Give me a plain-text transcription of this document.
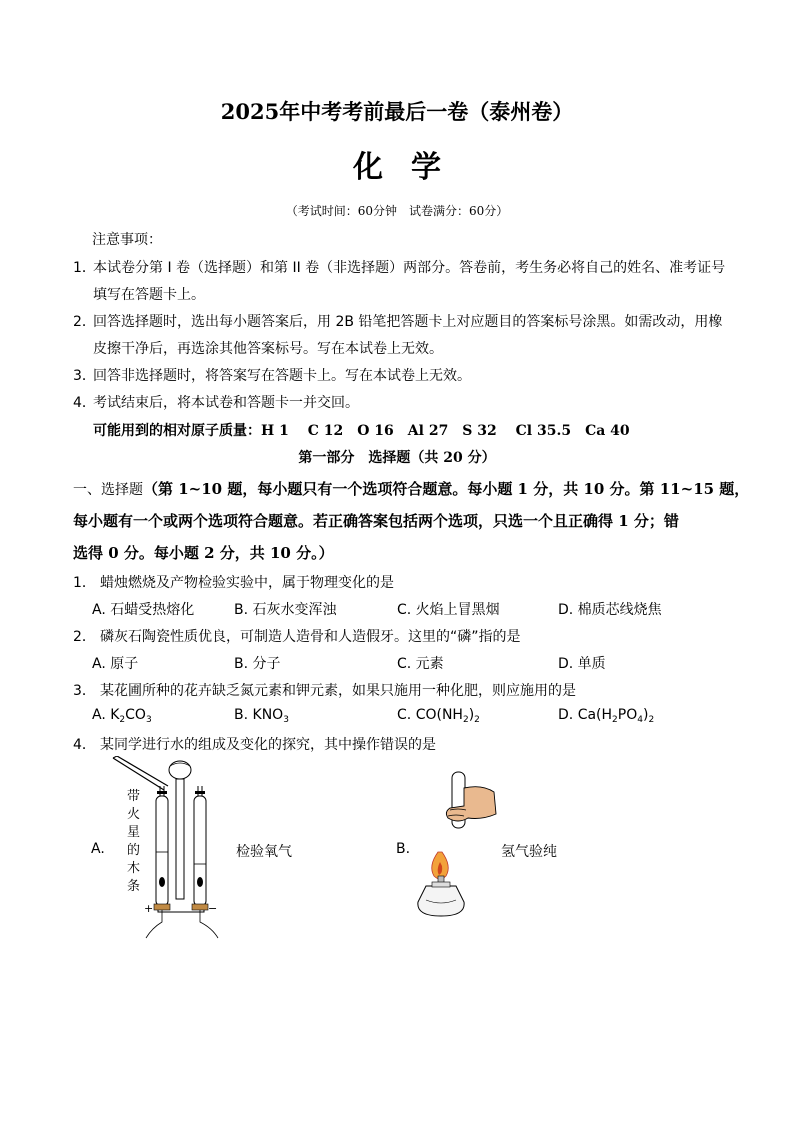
2025年中考考前最后一卷（泰州卷）
化学
（考试时间：60分钟　试卷满分：60分）
注意事项：
1．
本试卷分第 I 卷（选择题）和第 II 卷（非选择题）两部分。答卷前，考生务必将自己的姓名、准考证号
填写在答题卡上。
2．
回答选择题时，选出每小题答案后，用 2B 铅笔把答题卡上对应题目的答案标号涂黑。如需改动，用橡
皮擦干净后，再选涂其他答案标号。写在本试卷上无效。
3．
回答非选择题时，将答案写在答题卡上。写在本试卷上无效。
4．
考试结束后，将本试卷和答题卡一并交回。
可能用到的相对原子质量：H 1　 C 12　O 16　Al 27　S 32　 Cl 35.5　Ca 40
第一部分　选择题（共 20 分）
一、选择题（第 1~10 题，每小题只有一个选项符合题意。每小题 1 分，共 10 分。第 11~15 题，
每小题有一个或两个选项符合题意。若正确答案包括两个选项，只选一个且正确得 1 分；错
选得 0 分。每小题 2 分，共 10 分。）
1． 蜡烛燃烧及产物检验实验中，属于物理变化的是
A. 石蜡受热熔化	B. 石灰水变浑浊	C. 火焰上冒黑烟	D. 棉质芯线烧焦
2． 磷灰石陶瓷性质优良，可制造人造骨和人造假牙。这里的“磷”指的是
A. 原子	B. 分子	C. 元素	D. 单质
3． 某花圃所种的花卉缺乏氮元素和钾元素，如果只施用一种化肥，则应施用的是
A. $K_2CO_3$	B. $KNO_3$	C. $CO(NH_2)_2$	D. $Ca(H_2PO_4)_2$
4． 某同学进行水的组成及变化的探究，其中操作错误的是
A.	检验氧气	B.	氢气验纯
带
火
星
的
木
条
+	−
